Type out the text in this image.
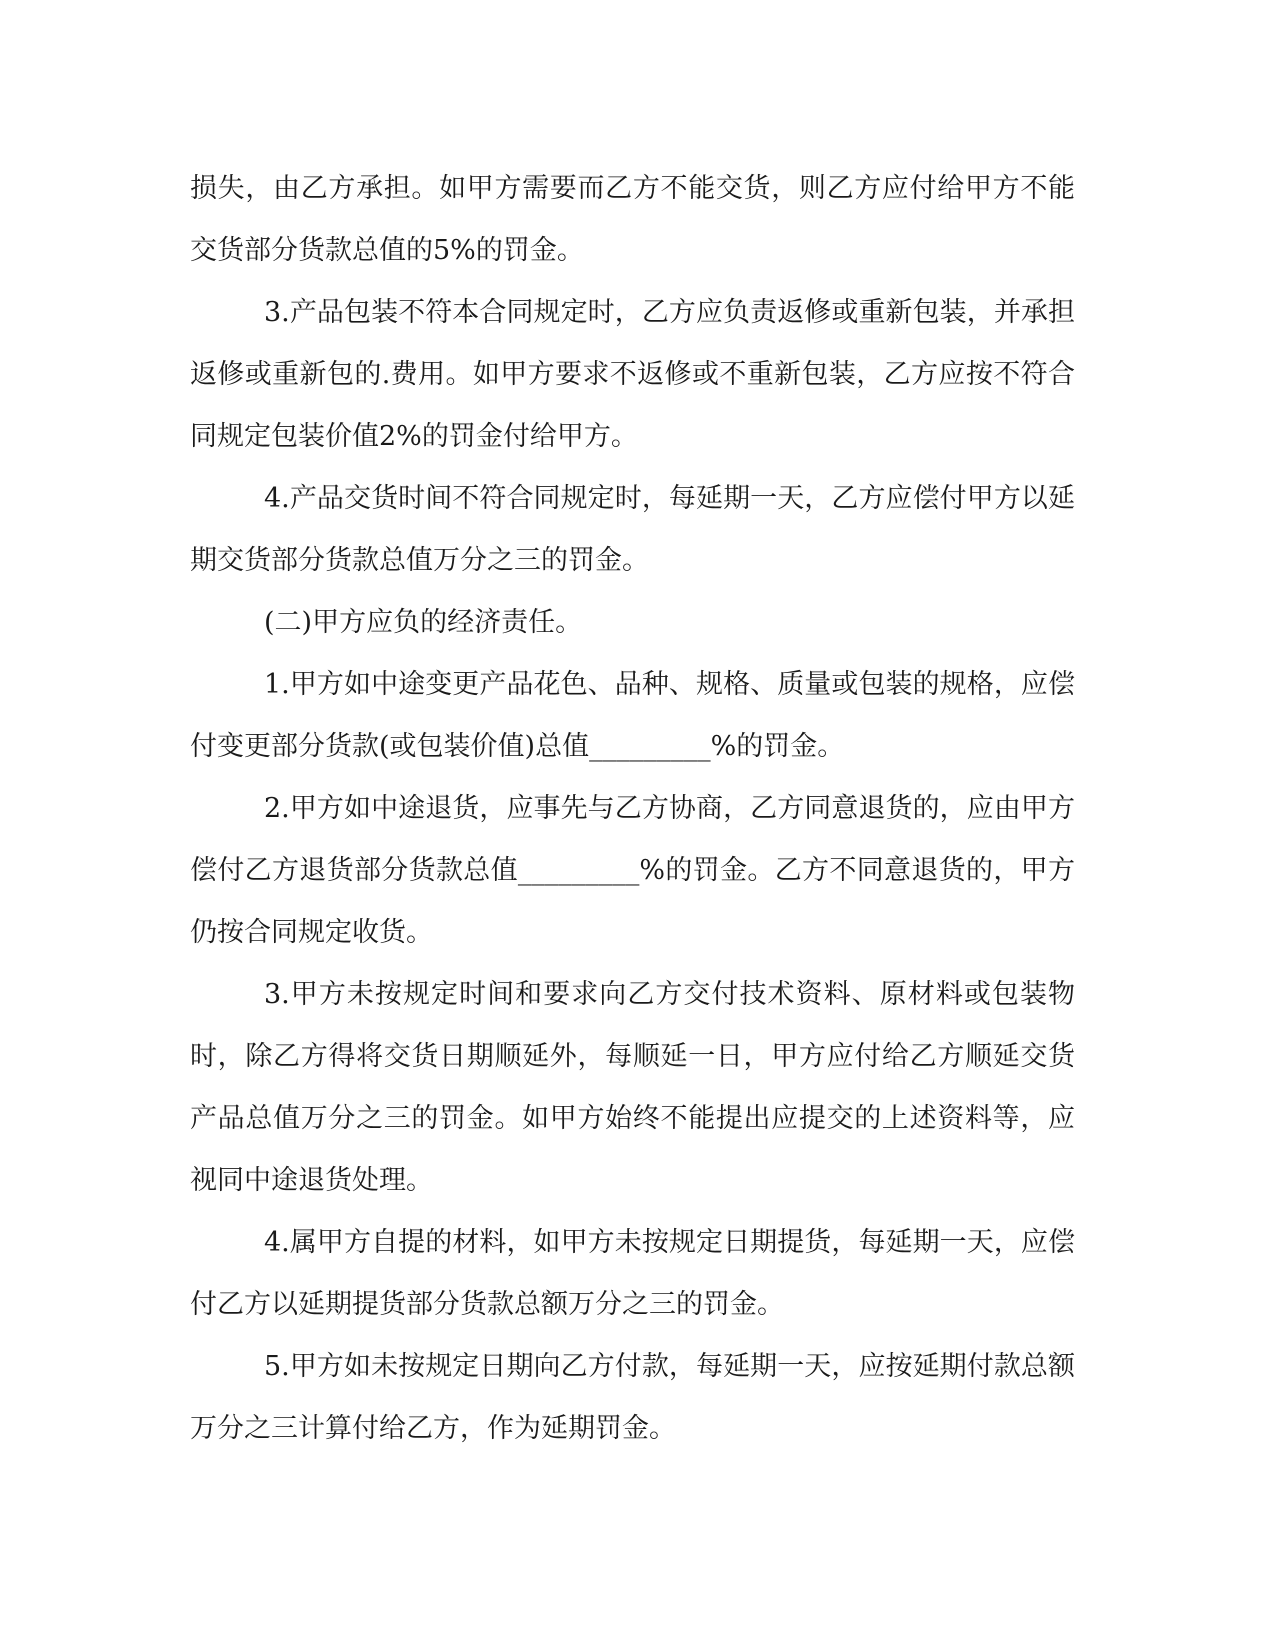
损失，由乙方承担。如甲方需要而乙方不能交货，则乙方应付给甲方不能交货部分货款总值的5%的罚金。

3.产品包装不符本合同规定时，乙方应负责返修或重新包装，并承担返修或重新包的.费用。如甲方要求不返修或不重新包装，乙方应按不符合同规定包装价值2%的罚金付给甲方。

4.产品交货时间不符合同规定时，每延期一天，乙方应偿付甲方以延期交货部分货款总值万分之三的罚金。

(二)甲方应负的经济责任。

1.甲方如中途变更产品花色、品种、规格、质量或包装的规格，应偿付变更部分货款(或包装价值)总值_________%的罚金。

2.甲方如中途退货，应事先与乙方协商，乙方同意退货的，应由甲方偿付乙方退货部分货款总值_________%的罚金。乙方不同意退货的，甲方仍按合同规定收货。

3.甲方未按规定时间和要求向乙方交付技术资料、原材料或包装物时，除乙方得将交货日期顺延外，每顺延一日，甲方应付给乙方顺延交货产品总值万分之三的罚金。如甲方始终不能提出应提交的上述资料等，应视同中途退货处理。

4.属甲方自提的材料，如甲方未按规定日期提货，每延期一天，应偿付乙方以延期提货部分货款总额万分之三的罚金。

5.甲方如未按规定日期向乙方付款，每延期一天，应按延期付款总额万分之三计算付给乙方，作为延期罚金。
